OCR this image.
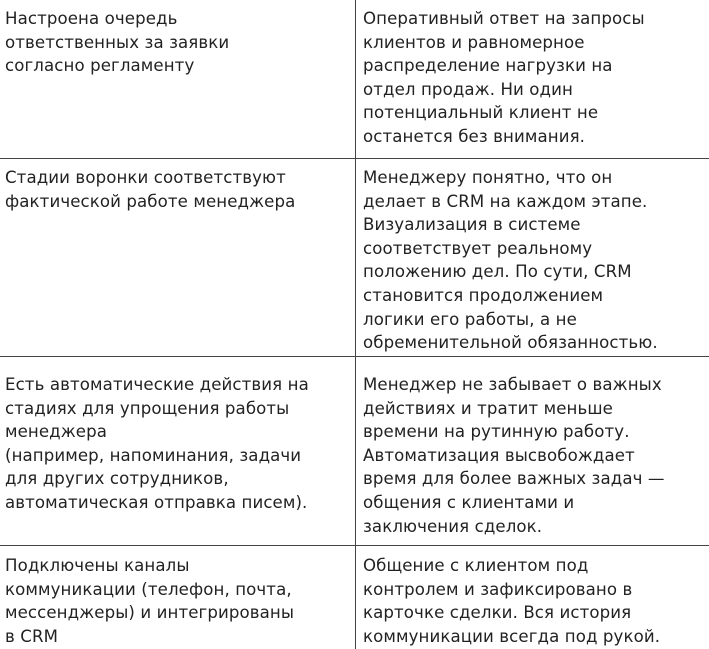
Настроена очередь
ответственных за заявки
согласно регламенту

Оперативный ответ на запросы
клиентов и равномерное
распределение нагрузки на
отдел продаж. Ни один
потенциальный клиент не
останется без внимания.

Стадии воронки соответствуют
фактической работе менеджера

Менеджеру понятно, что он
делает в CRM на каждом этапе.
Визуализация в системе
соответствует реальному
положению дел. По сути, CRM
становится продолжением
логики его работы, а не
обременительной обязанностью.

Есть автоматические действия на
стадиях для упрощения работы
менеджера
(например, напоминания, задачи
для других сотрудников,
автоматическая отправка писем).

Менеджер не забывает о важных
действиях и тратит меньше
времени на рутинную работу.
Автоматизация высвобождает
время для более важных задач —
общения с клиентами и
заключения сделок.

Подключены каналы
коммуникации (телефон, почта,
мессенджеры) и интегрированы
в CRM

Общение с клиентом под
контролем и зафиксировано в
карточке сделки. Вся история
коммуникации всегда под рукой.
